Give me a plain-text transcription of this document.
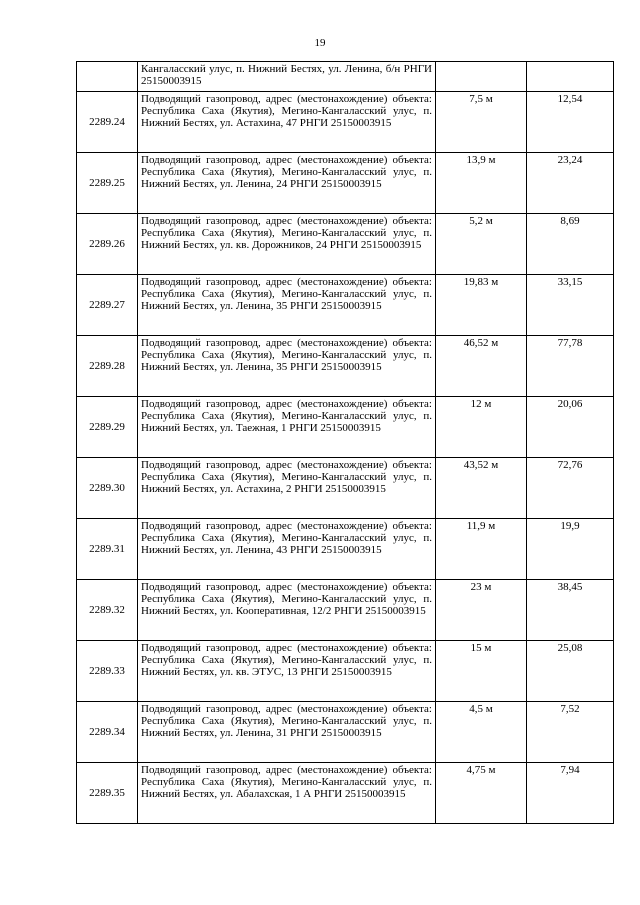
19
	Кангаласский улус, п. Нижний Бестях, ул. Ленина, б/н РНГИ 25150003915		
2289.24	Подводящий газопровод, адрес (местонахождение) объекта: Республика Саха (Якутия), Мегино-Кангаласский улус, п. Нижний Бестях, ул. Астахина, 47 РНГИ 25150003915	7,5 м	12,54
2289.25	Подводящий газопровод, адрес (местонахождение) объекта: Республика Саха (Якутия), Мегино-Кангаласский улус, п. Нижний Бестях, ул. Ленина, 24 РНГИ 25150003915	13,9 м	23,24
2289.26	Подводящий газопровод, адрес (местонахождение) объекта: Республика Саха (Якутия), Мегино-Кангаласский улус, п. Нижний Бестях, ул. кв. Дорожников, 24 РНГИ 25150003915	5,2 м	8,69
2289.27	Подводящий газопровод, адрес (местонахождение) объекта: Республика Саха (Якутия), Мегино-Кангаласский улус, п. Нижний Бестях, ул. Ленина, 35 РНГИ 25150003915	19,83 м	33,15
2289.28	Подводящий газопровод, адрес (местонахождение) объекта: Республика Саха (Якутия), Мегино-Кангаласский улус, п. Нижний Бестях, ул. Ленина, 35 РНГИ 25150003915	46,52 м	77,78
2289.29	Подводящий газопровод, адрес (местонахождение) объекта: Республика Саха (Якутия), Мегино-Кангаласский улус, п. Нижний Бестях, ул. Таежная, 1 РНГИ 25150003915	12 м	20,06
2289.30	Подводящий газопровод, адрес (местонахождение) объекта: Республика Саха (Якутия), Мегино-Кангаласский улус, п. Нижний Бестях, ул. Астахина, 2 РНГИ 25150003915	43,52 м	72,76
2289.31	Подводящий газопровод, адрес (местонахождение) объекта: Республика Саха (Якутия), Мегино-Кангаласский улус, п. Нижний Бестях, ул. Ленина, 43 РНГИ 25150003915	11,9 м	19,9
2289.32	Подводящий газопровод, адрес (местонахождение) объекта: Республика Саха (Якутия), Мегино-Кангаласский улус, п. Нижний Бестях, ул. Кооперативная, 12/2 РНГИ 25150003915	23 м	38,45
2289.33	Подводящий газопровод, адрес (местонахождение) объекта: Республика Саха (Якутия), Мегино-Кангаласский улус, п. Нижний Бестях, ул. кв. ЭТУС, 13 РНГИ 25150003915	15 м	25,08
2289.34	Подводящий газопровод, адрес (местонахождение) объекта: Республика Саха (Якутия), Мегино-Кангаласский улус, п. Нижний Бестях, ул. Ленина, 31 РНГИ 25150003915	4,5 м	7,52
2289.35	Подводящий газопровод, адрес (местонахождение) объекта: Республика Саха (Якутия), Мегино-Кангаласский улус, п. Нижний Бестях, ул. Абалахская, 1 А РНГИ 25150003915	4,75 м	7,94
